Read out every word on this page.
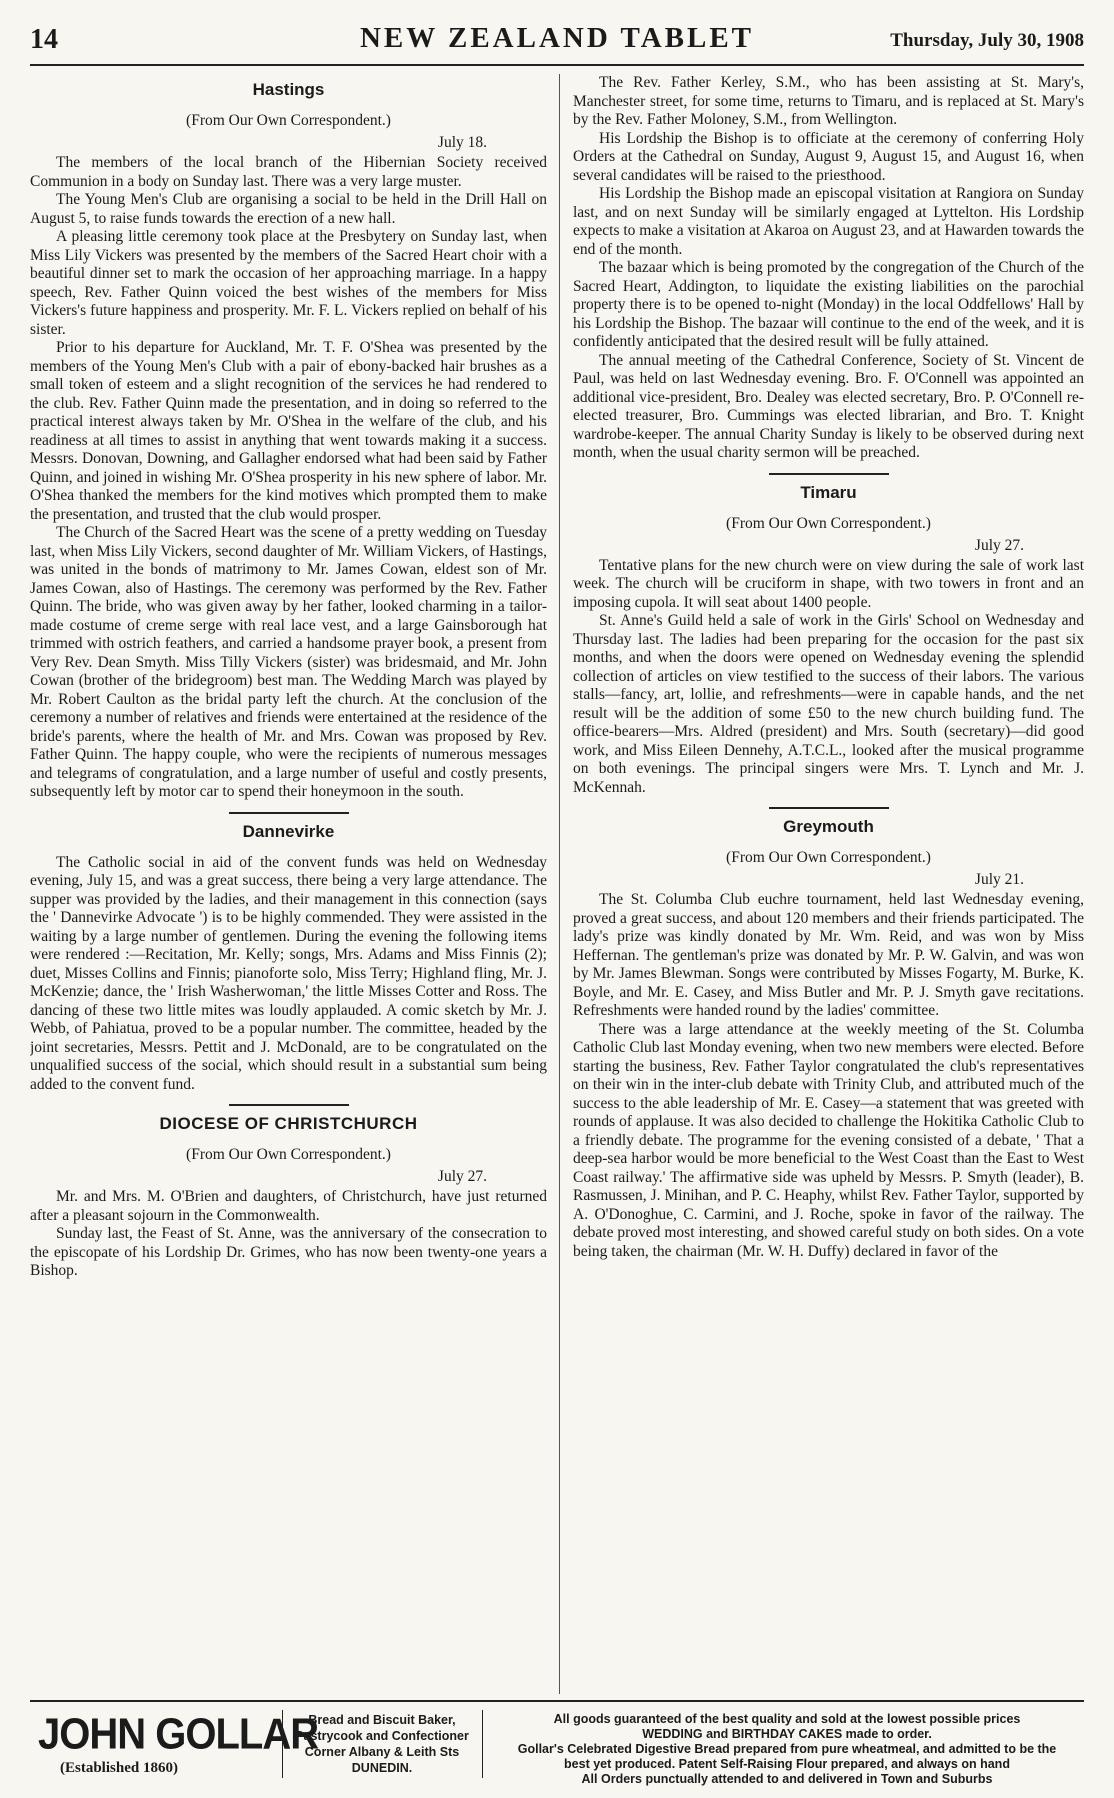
14	NEW ZEALAND TABLET	Thursday, July 30, 1908
Hastings
(From Our Own Correspondent.)
July 18.

The members of the local branch of the Hibernian Society received Communion in a body on Sunday last. There was a very large muster.

The Young Men's Club are organising a social to be held in the Drill Hall on August 5, to raise funds towards the erection of a new hall.

A pleasing little ceremony took place at the Presbytery on Sunday last, when Miss Lily Vickers was presented by the members of the Sacred Heart choir with a beautiful dinner set to mark the occasion of her approaching marriage. In a happy speech, Rev. Father Quinn voiced the best wishes of the members for Miss Vickers's future happiness and prosperity. Mr. F. L. Vickers replied on behalf of his sister.

Prior to his departure for Auckland, Mr. T. F. O'Shea was presented by the members of the Young Men's Club with a pair of ebony-backed hair brushes as a small token of esteem and a slight recognition of the services he had rendered to the club. Rev. Father Quinn made the presentation, and in doing so referred to the practical interest always taken by Mr. O'Shea in the welfare of the club, and his readiness at all times to assist in anything that went towards making it a success. Messrs. Donovan, Downing, and Gallagher endorsed what had been said by Father Quinn, and joined in wishing Mr. O'Shea prosperity in his new sphere of labor. Mr. O'Shea thanked the members for the kind motives which prompted them to make the presentation, and trusted that the club would prosper.

The Church of the Sacred Heart was the scene of a pretty wedding on Tuesday last, when Miss Lily Vickers, second daughter of Mr. William Vickers, of Hastings, was united in the bonds of matrimony to Mr. James Cowan, eldest son of Mr. James Cowan, also of Hastings. The ceremony was performed by the Rev. Father Quinn. The bride, who was given away by her father, looked charming in a tailor-made costume of creme serge with real lace vest, and a large Gainsborough hat trimmed with ostrich feathers, and carried a handsome prayer book, a present from Very Rev. Dean Smyth. Miss Tilly Vickers (sister) was bridesmaid, and Mr. John Cowan (brother of the bridegroom) best man. The Wedding March was played by Mr. Robert Caulton as the bridal party left the church. At the conclusion of the ceremony a number of relatives and friends were entertained at the residence of the bride's parents, where the health of Mr. and Mrs. Cowan was proposed by Rev. Father Quinn. The happy couple, who were the recipients of numerous messages and telegrams of congratulation, and a large number of useful and costly presents, subsequently left by motor car to spend their honeymoon in the south.

Dannevirke

The Catholic social in aid of the convent funds was held on Wednesday evening, July 15, and was a great success, there being a very large attendance. The supper was provided by the ladies, and their management in this connection (says the ' Dannevirke Advocate ') is to be highly commended. They were assisted in the waiting by a large number of gentlemen. During the evening the following items were rendered :—Recitation, Mr. Kelly; songs, Mrs. Adams and Miss Finnis (2); duet, Misses Collins and Finnis; pianoforte solo, Miss Terry; Highland fling, Mr. J. McKenzie; dance, the ' Irish Washerwoman,' the little Misses Cotter and Ross. The dancing of these two little mites was loudly applauded. A comic sketch by Mr. J. Webb, of Pahiatua, proved to be a popular number. The committee, headed by the joint secretaries, Messrs. Pettit and J. McDonald, are to be congratulated on the unqualified success of the social, which should result in a substantial sum being added to the convent fund.

DIOCESE OF CHRISTCHURCH
(From Our Own Correspondent.)
July 27.

Mr. and Mrs. M. O'Brien and daughters, of Christchurch, have just returned after a pleasant sojourn in the Commonwealth.

Sunday last, the Feast of St. Anne, was the anniversary of the consecration to the episcopate of his Lordship Dr. Grimes, who has now been twenty-one years a Bishop.

The Rev. Father Kerley, S.M., who has been assisting at St. Mary's, Manchester street, for some time, returns to Timaru, and is replaced at St. Mary's by the Rev. Father Moloney, S.M., from Wellington.

His Lordship the Bishop is to officiate at the ceremony of conferring Holy Orders at the Cathedral on Sunday, August 9, August 15, and August 16, when several candidates will be raised to the priesthood.

His Lordship the Bishop made an episcopal visitation at Rangiora on Sunday last, and on next Sunday will be similarly engaged at Lyttelton. His Lordship expects to make a visitation at Akaroa on August 23, and at Hawarden towards the end of the month.

The bazaar which is being promoted by the congregation of the Church of the Sacred Heart, Addington, to liquidate the existing liabilities on the parochial property there is to be opened to-night (Monday) in the local Oddfellows' Hall by his Lordship the Bishop. The bazaar will continue to the end of the week, and it is confidently anticipated that the desired result will be fully attained.

The annual meeting of the Cathedral Conference, Society of St. Vincent de Paul, was held on last Wednesday evening. Bro. F. O'Connell was appointed an additional vice-president, Bro. Dealey was elected secretary, Bro. P. O'Connell re-elected treasurer, Bro. Cummings was elected librarian, and Bro. T. Knight wardrobe-keeper. The annual Charity Sunday is likely to be observed during next month, when the usual charity sermon will be preached.

Timaru
(From Our Own Correspondent.)
July 27.

Tentative plans for the new church were on view during the sale of work last week. The church will be cruciform in shape, with two towers in front and an imposing cupola. It will seat about 1400 people.

St. Anne's Guild held a sale of work in the Girls' School on Wednesday and Thursday last. The ladies had been preparing for the occasion for the past six months, and when the doors were opened on Wednesday evening the splendid collection of articles on view testified to the success of their labors. The various stalls—fancy, art, lollie, and refreshments—were in capable hands, and the net result will be the addition of some £50 to the new church building fund. The office-bearers—Mrs. Aldred (president) and Mrs. South (secretary)—did good work, and Miss Eileen Dennehy, A.T.C.L., looked after the musical programme on both evenings. The principal singers were Mrs. T. Lynch and Mr. J. McKennah.

Greymouth
(From Our Own Correspondent.)
July 21.

The St. Columba Club euchre tournament, held last Wednesday evening, proved a great success, and about 120 members and their friends participated. The lady's prize was kindly donated by Mr. Wm. Reid, and was won by Miss Heffernan. The gentleman's prize was donated by Mr. P. W. Galvin, and was won by Mr. James Blewman. Songs were contributed by Misses Fogarty, M. Burke, K. Boyle, and Mr. E. Casey, and Miss Butler and Mr. P. J. Smyth gave recitations. Refreshments were handed round by the ladies' committee.

There was a large attendance at the weekly meeting of the St. Columba Catholic Club last Monday evening, when two new members were elected. Before starting the business, Rev. Father Taylor congratulated the club's representatives on their win in the inter-club debate with Trinity Club, and attributed much of the success to the able leadership of Mr. E. Casey—a statement that was greeted with rounds of applause. It was also decided to challenge the Hokitika Catholic Club to a friendly debate. The programme for the evening consisted of a debate, ' That a deep-sea harbor would be more beneficial to the West Coast than the East to West Coast railway.' The affirmative side was upheld by Messrs. P. Smyth (leader), B. Rasmussen, J. Minihan, and P. C. Heaphy, whilst Rev. Father Taylor, supported by A. O'Donoghue, C. Carmini, and J. Roche, spoke in favor of the railway. The debate proved most interesting, and showed careful study on both sides. On a vote being taken, the chairman (Mr. W. H. Duffy) declared in favor of the

JOHN GOLLAR
(Established 1860)
Bread and Biscuit Baker,
Pastrycook and Confectioner
Corner Albany & Leith Sts
DUNEDIN.
All goods guaranteed of the best quality and sold at the lowest possible prices
WEDDING and BIRTHDAY CAKES made to order.
Gollar's Celebrated Digestive Bread prepared from pure wheatmeal, and admitted to be the
best yet produced. Patent Self-Raising Flour prepared, and always on hand
All Orders punctually attended to and delivered in Town and Suburbs
